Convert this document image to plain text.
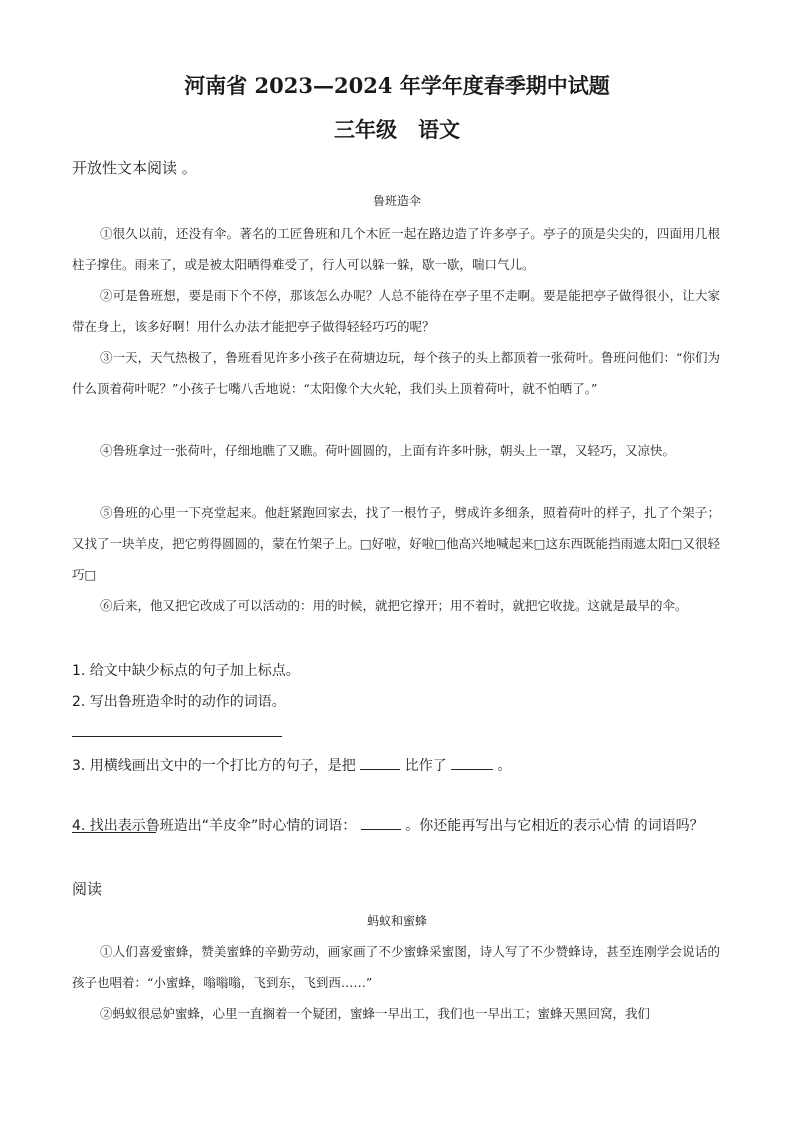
河南省 2023—2024 年学年度春季期中试题
三年级　语文
开放性文本阅读 。
鲁班造伞
①很久以前，还没有伞。著名的工匠鲁班和几个木匠一起在路边造了许多亭子。亭子的顶是尖尖的，四面用几根柱子撑住。雨来了，或是被太阳晒得难受了，行人可以躲一躲，歇一歇，喘口气儿。
②可是鲁班想，要是雨下个不停，那该怎么办呢？人总不能待在亭子里不走啊。要是能把亭子做得很小，让大家带在身上，该多好啊！用什么办法才能把亭子做得轻轻巧巧的呢？
③一天，天气热极了，鲁班看见许多小孩子在荷塘边玩，每个孩子的头上都顶着一张荷叶。鲁班问他们：“你们为什么顶着荷叶呢？”小孩子七嘴八舌地说：“太阳像个大火轮，我们头上顶着荷叶，就不怕晒了。”
④鲁班拿过一张荷叶，仔细地瞧了又瞧。荷叶圆圆的，上面有许多叶脉，朝头上一罩，又轻巧，又凉快。
⑤鲁班的心里一下亮堂起来。他赶紧跑回家去，找了一根竹子，劈成许多细条，照着荷叶的样子，扎了个架子；又找了一块羊皮，把它剪得圆圆的，蒙在竹架子上。□好啦，好啦□他高兴地喊起来□这东西既能挡雨遮太阳□又很轻巧□
⑥后来，他又把它改成了可以活动的：用的时候，就把它撑开；用不着时，就把它收拢。这就是最早的伞。
1. 给文中缺少标点的句子加上标点。
2. 写出鲁班造伞时的动作的词语。
3. 用横线画出文中的一个打比方的句子，是把	比作了	。
4. 找出表示鲁班造出“羊皮伞”时心情的词语：	。你还能再写出与它相近的表示心情 的词语吗？
阅读
蚂蚁和蜜蜂
①人们喜爱蜜蜂，赞美蜜蜂的辛勤劳动，画家画了不少蜜蜂采蜜图，诗人写了不少赞蜂诗，甚至连刚学会说话的孩子也唱着：“小蜜蜂，嗡嗡嗡，飞到东，飞到西……”
②蚂蚁很忌妒蜜蜂，心里一直搁着一个疑团，蜜蜂一早出工，我们也一早出工；蜜蜂天黑回窝，我们
